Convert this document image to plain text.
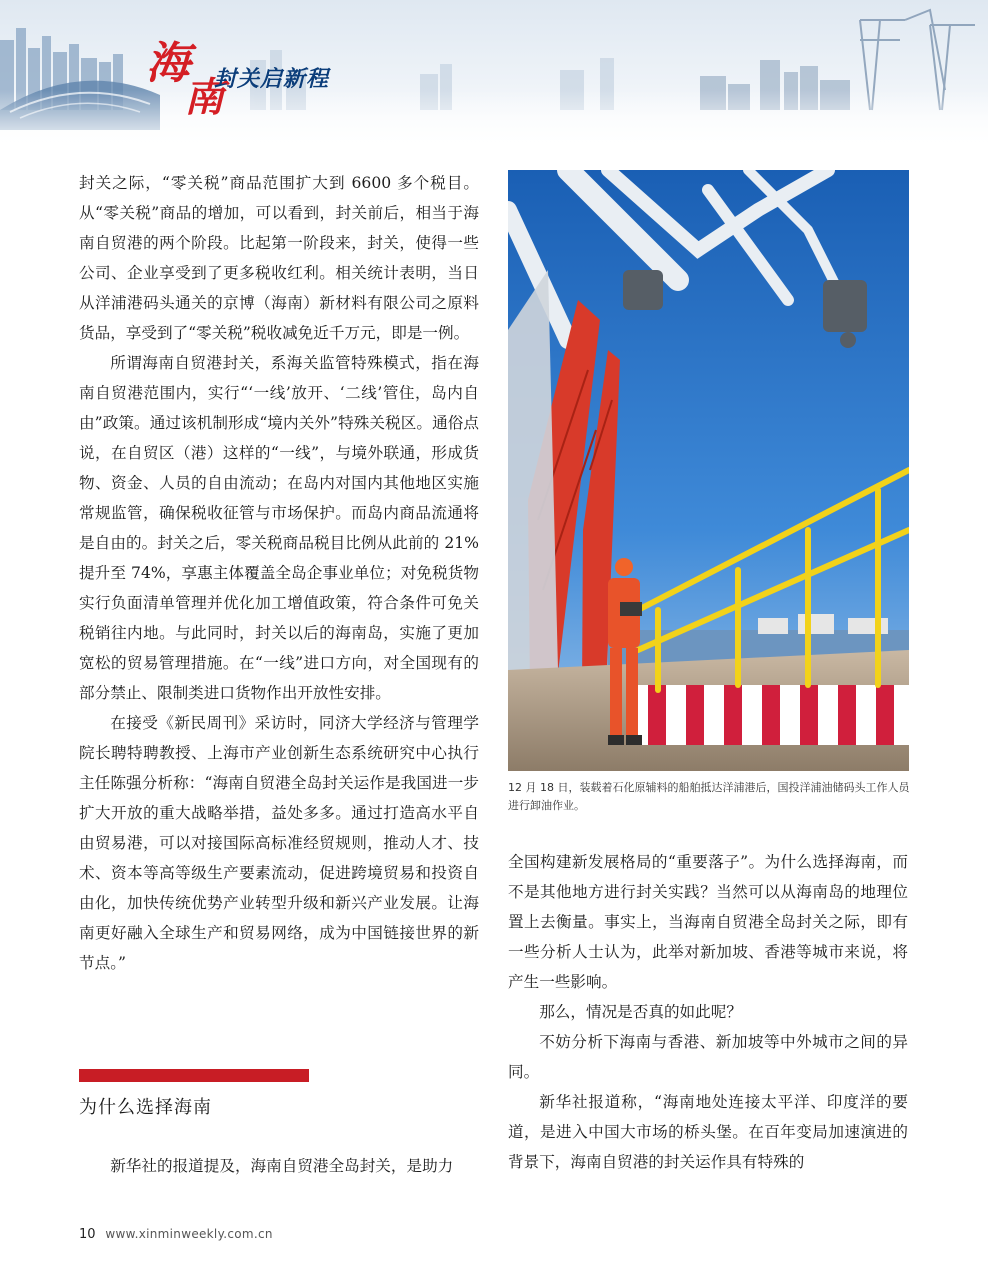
海
南
封关启新程

封关之际，“零关税”商品范围扩大到 6600 多个税目。从“零关税”商品的增加，可以看到，封关前后，相当于海南自贸港的两个阶段。比起第一阶段来，封关，使得一些公司、企业享受到了更多税收红利。相关统计表明，当日从洋浦港码头通关的京博（海南）新材料有限公司之原料货品，享受到了“零关税”税收减免近千万元，即是一例。

所谓海南自贸港封关，系海关监管特殊模式，指在海南自贸港范围内，实行“‘一线’放开、‘二线’管住，岛内自由”政策。通过该机制形成“境内关外”特殊关税区。通俗点说，在自贸区（港）这样的“一线”，与境外联通，形成货物、资金、人员的自由流动；在岛内对国内其他地区实施常规监管，确保税收征管与市场保护。而岛内商品流通将是自由的。封关之后，零关税商品税目比例从此前的 21% 提升至 74%，享惠主体覆盖全岛企事业单位；对免税货物实行负面清单管理并优化加工增值政策，符合条件可免关税销往内地。与此同时，封关以后的海南岛，实施了更加宽松的贸易管理措施。在“一线”进口方向，对全国现有的部分禁止、限制类进口货物作出开放性安排。

在接受《新民周刊》采访时，同济大学经济与管理学院长聘特聘教授、上海市产业创新生态系统研究中心执行主任陈强分析称：“海南自贸港全岛封关运作是我国进一步扩大开放的重大战略举措，益处多多。通过打造高水平自由贸易港，可以对接国际高标准经贸规则，推动人才、技术、资本等高等级生产要素流动，促进跨境贸易和投资自由化，加快传统优势产业转型升级和新兴产业发展。让海南更好融入全球生产和贸易网络，成为中国链接世界的新节点。”

为什么选择海南

新华社的报道提及，海南自贸港全岛封关，是助力

12 月 18 日，装载着石化原辅料的船舶抵达洋浦港后，国投洋浦油储码头工作人员进行卸油作业。

全国构建新发展格局的“重要落子”。为什么选择海南，而不是其他地方进行封关实践？当然可以从海南岛的地理位置上去衡量。事实上，当海南自贸港全岛封关之际，即有一些分析人士认为，此举对新加坡、香港等城市来说，将产生一些影响。

那么，情况是否真的如此呢？

不妨分析下海南与香港、新加坡等中外城市之间的异同。

新华社报道称，“海南地处连接太平洋、印度洋的要道，是进入中国大市场的桥头堡。在百年变局加速演进的背景下，海南自贸港的封关运作具有特殊的

10 www.xinminweekly.com.cn
